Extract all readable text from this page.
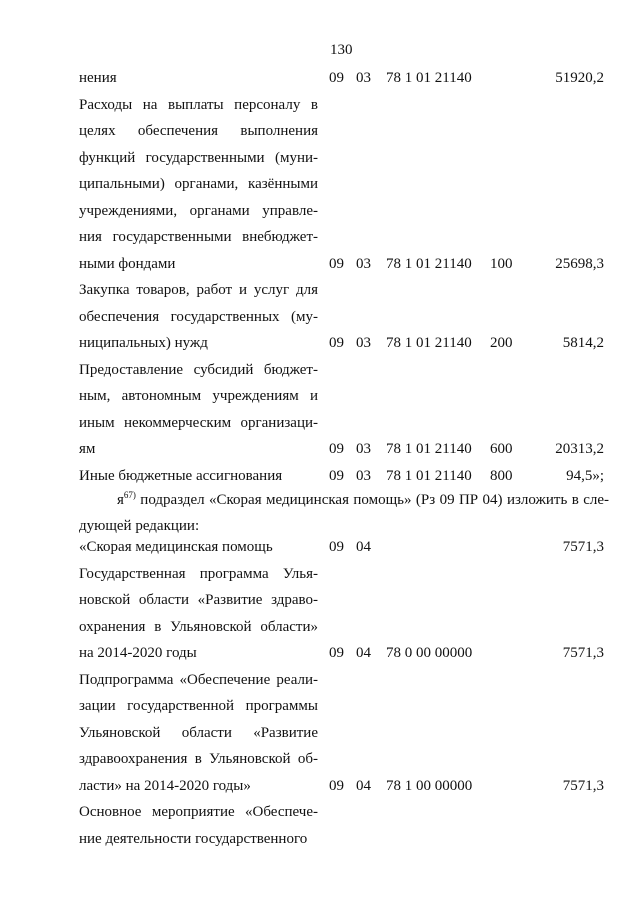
130
нения	09 03 78 1 01 21140	51920,2
Расходы на выплаты персоналу в
целях обеспечения выполнения
функций государственными (муни-
ципальными) органами, казёнными
учреждениями, органами управле-
ния государственными внебюджет-
ными фондами	09 03 78 1 01 21140 100	25698,3
Закупка товаров, работ и услуг для
обеспечения государственных (му-
ниципальных) нужд	09 03 78 1 01 21140 200	5814,2
Предоставление субсидий бюджет-
ным, автономным учреждениям и
иным некоммерческим организаци-
ям	09 03 78 1 01 21140 600	20313,2
Иные бюджетные ассигнования	09 03 78 1 01 21140 800	94,5»;
$я^{67)}$ подраздел «Скорая медицинская помощь» (Рз 09 ПР 04) изложить в сле-
дующей редакции:
«Скорая медицинская помощь	09 04	7571,3
Государственная программа Улья-
новской области «Развитие здраво-
охранения в Ульяновской области»
на 2014-2020 годы	09 04 78 0 00 00000	7571,3
Подпрограмма «Обеспечение реали-
зации государственной программы
Ульяновской области «Развитие
здравоохранения в Ульяновской об-
ласти» на 2014-2020 годы»	09 04 78 1 00 00000	7571,3
Основное мероприятие «Обеспече-
ние деятельности государственного
